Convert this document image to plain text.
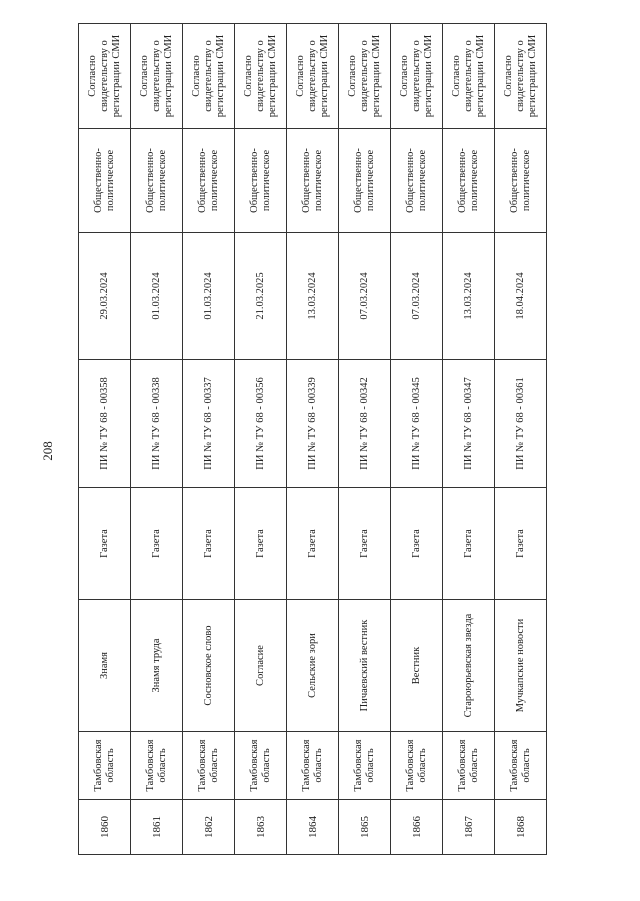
208
1860	Тамбовская область	Знамя	Газета	ПИ № ТУ 68 - 00358	29.03.2024	Общественно-политическое	Согласно свидетельству о регистрации СМИ
1861	Тамбовская область	Знамя труда	Газета	ПИ № ТУ 68 - 00338	01.03.2024	Общественно-политическое	Согласно свидетельству о регистрации СМИ
1862	Тамбовская область	Сосновское слово	Газета	ПИ № ТУ 68 - 00337	01.03.2024	Общественно-политическое	Согласно свидетельству о регистрации СМИ
1863	Тамбовская область	Согласие	Газета	ПИ № ТУ 68 - 00356	21.03.2025	Общественно-политическое	Согласно свидетельству о регистрации СМИ
1864	Тамбовская область	Сельские зори	Газета	ПИ № ТУ 68 - 00339	13.03.2024	Общественно-политическое	Согласно свидетельству о регистрации СМИ
1865	Тамбовская область	Пичаевский вестник	Газета	ПИ № ТУ 68 - 00342	07.03.2024	Общественно-политическое	Согласно свидетельству о регистрации СМИ
1866	Тамбовская область	Вестник	Газета	ПИ № ТУ 68 - 00345	07.03.2024	Общественно-политическое	Согласно свидетельству о регистрации СМИ
1867	Тамбовская область	Староюрьевская звезда	Газета	ПИ № ТУ 68 - 00347	13.03.2024	Общественно-политическое	Согласно свидетельству о регистрации СМИ
1868	Тамбовская область	Мучкапские новости	Газета	ПИ № ТУ 68 - 00361	18.04.2024	Общественно-политическое	Согласно свидетельству о регистрации СМИ
